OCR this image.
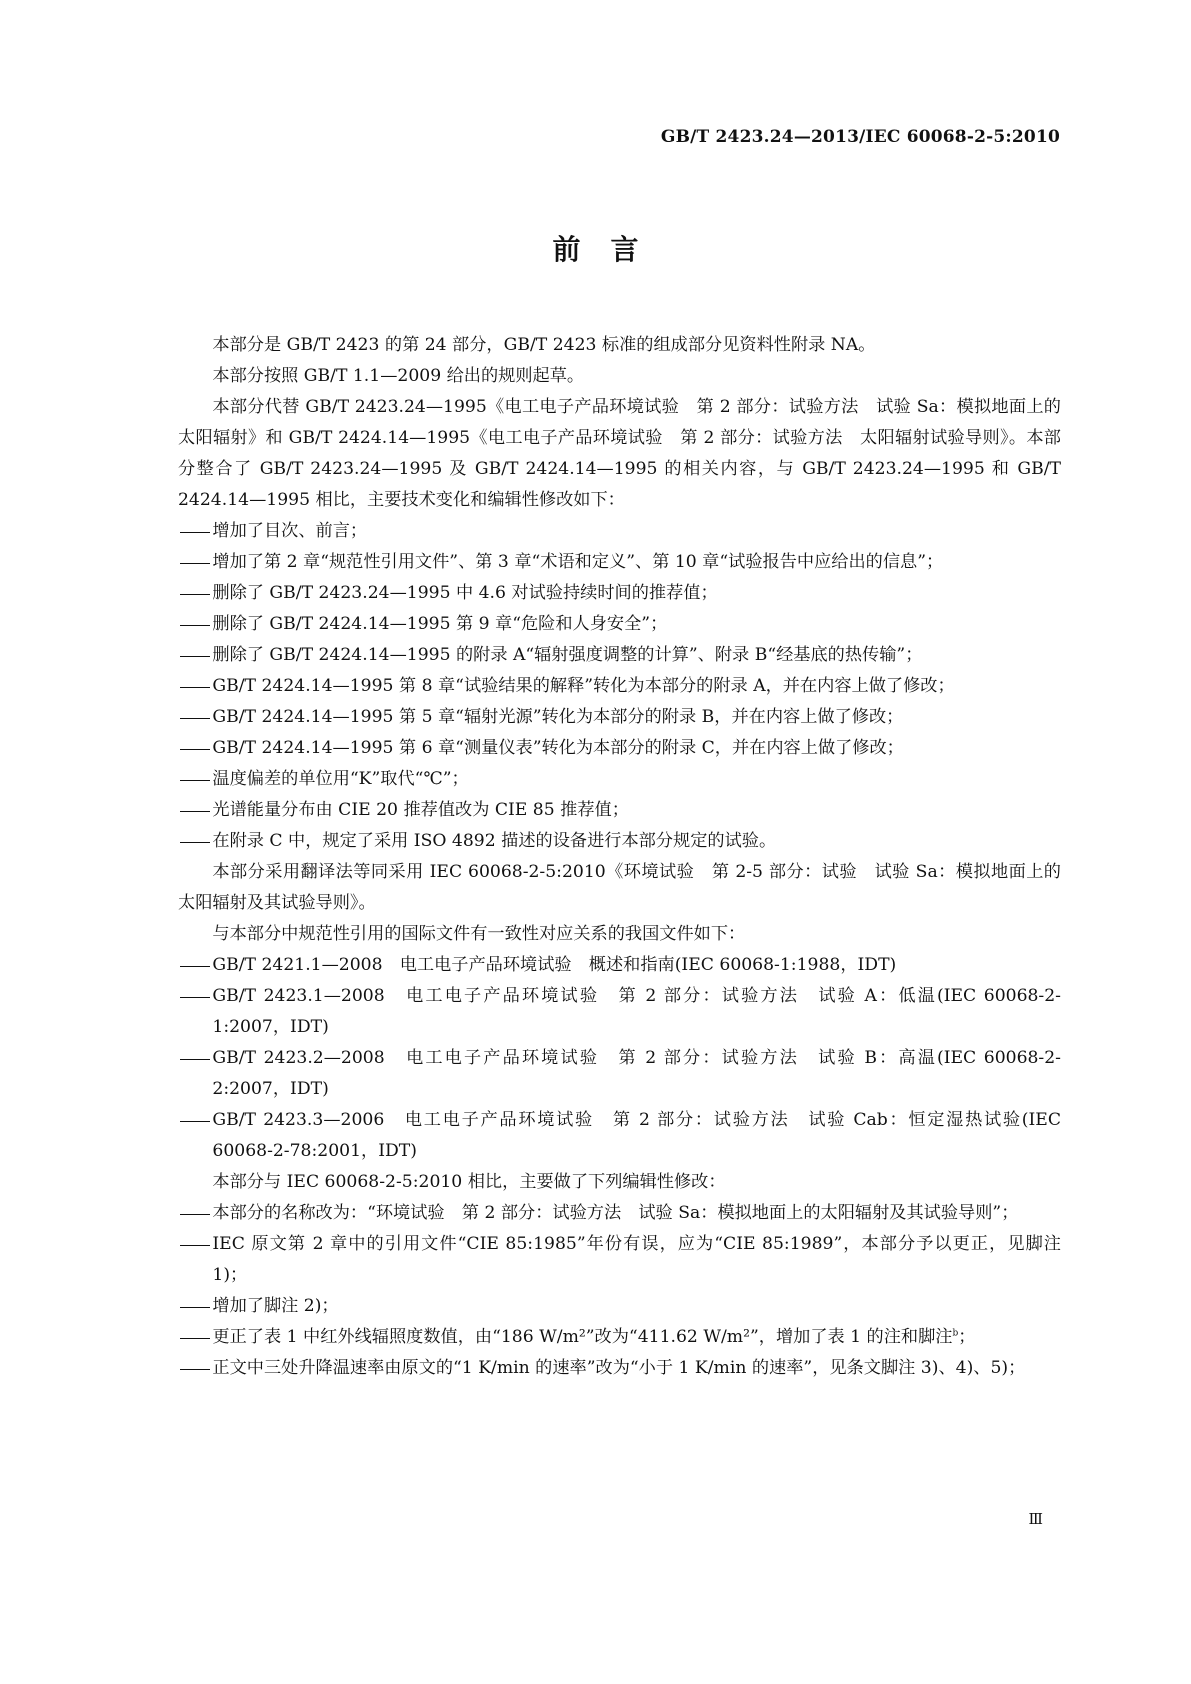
GB/T 2423.24—2013/IEC 60068-2-5:2010
前言

本部分是 GB/T 2423 的第 24 部分，GB/T 2423 标准的组成部分见资料性附录 NA。

本部分按照 GB/T 1.1—2009 给出的规则起草。

本部分代替 GB/T 2423.24—1995《电工电子产品环境试验　第 2 部分：试验方法　试验 Sa：模拟地面上的太阳辐射》和 GB/T 2424.14—1995《电工电子产品环境试验　第 2 部分：试验方法　太阳辐射试验导则》。本部分整合了 GB/T 2423.24—1995 及 GB/T 2424.14—1995 的相关内容，与 GB/T 2423.24—1995 和 GB/T 2424.14—1995 相比，主要技术变化和编辑性修改如下：

增加了目次、前言；

增加了第 2 章“规范性引用文件”、第 3 章“术语和定义”、第 10 章“试验报告中应给出的信息”；

删除了 GB/T 2423.24—1995 中 4.6 对试验持续时间的推荐值；

删除了 GB/T 2424.14—1995 第 9 章“危险和人身安全”；

删除了 GB/T 2424.14—1995 的附录 A“辐射强度调整的计算”、附录 B“经基底的热传输”；

GB/T 2424.14—1995 第 8 章“试验结果的解释”转化为本部分的附录 A，并在内容上做了修改；

GB/T 2424.14—1995 第 5 章“辐射光源”转化为本部分的附录 B，并在内容上做了修改；

GB/T 2424.14—1995 第 6 章“测量仪表”转化为本部分的附录 C，并在内容上做了修改；

温度偏差的单位用“K”取代“℃”；

光谱能量分布由 CIE 20 推荐值改为 CIE 85 推荐值；

在附录 C 中，规定了采用 ISO 4892 描述的设备进行本部分规定的试验。

本部分采用翻译法等同采用 IEC 60068-2-5:2010《环境试验　第 2-5 部分：试验　试验 Sa：模拟地面上的太阳辐射及其试验导则》。

与本部分中规范性引用的国际文件有一致性对应关系的我国文件如下：

GB/T 2421.1—2008　电工电子产品环境试验　概述和指南(IEC 60068-1:1988，IDT)

GB/T 2423.1—2008　电工电子产品环境试验　第 2 部分：试验方法　试验 A：低温(IEC 60068-2-1:2007，IDT)

GB/T 2423.2—2008　电工电子产品环境试验　第 2 部分：试验方法　试验 B：高温(IEC 60068-2-2:2007，IDT)

GB/T 2423.3—2006　电工电子产品环境试验　第 2 部分：试验方法　试验 Cab：恒定湿热试验(IEC 60068-2-78:2001，IDT)

本部分与 IEC 60068-2-5:2010 相比，主要做了下列编辑性修改：

本部分的名称改为：“环境试验　第 2 部分：试验方法　试验 Sa：模拟地面上的太阳辐射及其试验导则”；

IEC 原文第 2 章中的引用文件“CIE 85:1985”年份有误，应为“CIE 85:1989”，本部分予以更正，见脚注 1)；

增加了脚注 2)；

更正了表 1 中红外线辐照度数值，由“186 W/m²”改为“411.62 W/m²”，增加了表 1 的注和脚注$^b$；

正文中三处升降温速率由原文的“1 K/min 的速率”改为“小于 1 K/min 的速率”，见条文脚注 3)、4)、5)；

Ⅲ
